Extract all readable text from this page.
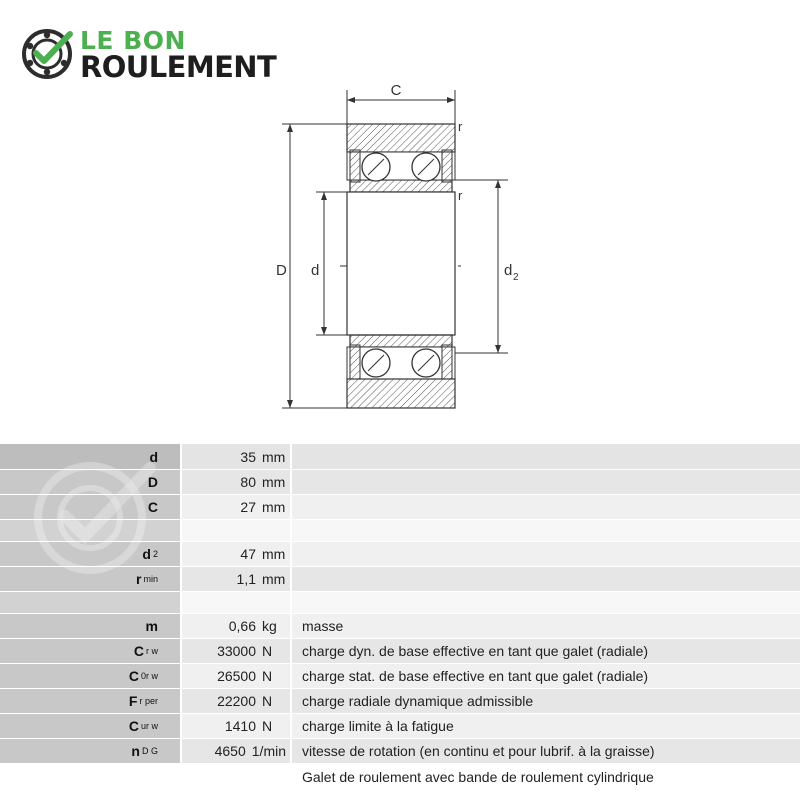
LE BON
ROULEMENT
C
D d	d 2
r
r
d	35 mm
D	80 mm
C	27 mm
d 2	47 mm
r min	1,1 mm
m	0,66 kg	masse
C r w	33000 N	charge dyn. de base effective en tant que galet (radiale)
C 0r w	26500 N	charge stat. de base effective en tant que galet (radiale)
F r per	22200 N	charge radiale dynamique admissible
C ur w	1410 N	charge limite à la fatigue
n D G	4650 1/min vitesse de rotation (en continu et pour lubrif. à la graisse)
Galet de roulement avec bande de roulement cylindrique
